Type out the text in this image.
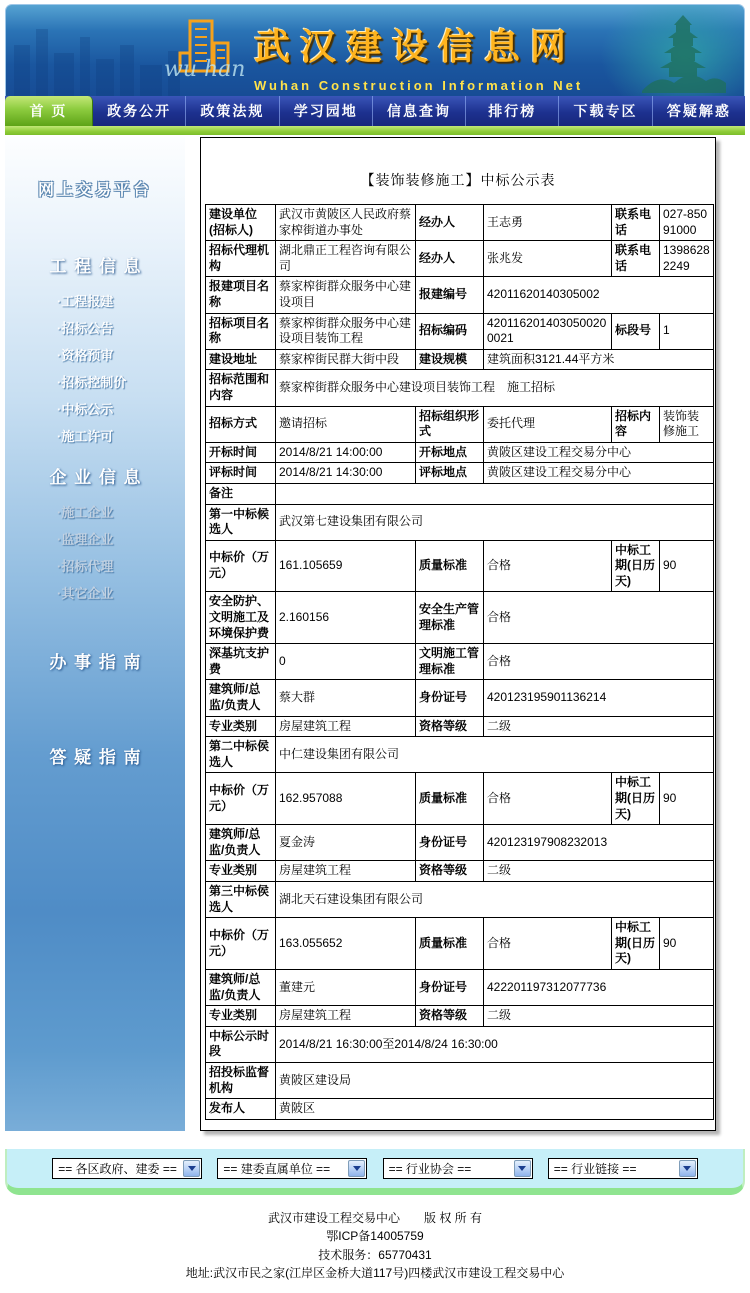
武汉建设信息网
Wuhan Construction Information Net
wu han
首 页	政务公开	政策法规	学习园地	信息查询	排行榜	下载专区	答疑解惑
网上交易平台
工程信息
·工程报建
·招标公告
·资格预审
·招标控制价
·中标公示
·施工许可
企业信息
·施工企业
·监理企业
·招标代理
·其它企业
办事指南
答疑指南
【装饰装修施工】中标公示表
建设单位(招标人)	武汉市黄陂区人民政府蔡家榨街道办事处	经办人	王志勇	联系电话	027-85091000
招标代理机构	湖北鼎正工程咨询有限公司	经办人	张兆发	联系电话	13986282249
报建项目名称	蔡家榨街群众服务中心建设项目	报建编号	42011620140305002		
招标项目名称	蔡家榨街群众服务中心建设项目装饰工程	招标编码	4201162014030500200021	标段号	1
建设地址	蔡家榨街民群大街中段	建设规模	建筑面积3121.44平方米		
招标范围和内容	蔡家榨街群众服务中心建设项目装饰工程　施工招标				
招标方式	邀请招标	招标组织形式	委托代理	招标内容	装饰装修施工
开标时间	2014/8/21 14:00:00	开标地点	黄陂区建设工程交易分中心		
评标时间	2014/8/21 14:30:00	评标地点	黄陂区建设工程交易分中心		
备注					
第一中标候选人	武汉第七建设集团有限公司				
中标价（万元）	161.105659	质量标准	合格	中标工期(日历天)	90
安全防护、文明施工及环境保护费	2.160156	安全生产管理标准	合格		
深基坑支护费	0	文明施工管理标准	合格		
建筑师/总监/负责人	蔡大群	身份证号	420123195901136214		
专业类别	房屋建筑工程	资格等级	二级		
第二中标侯选人	中仁建设集团有限公司				
中标价（万元）	162.957088	质量标准	合格	中标工期(日历天)	90
建筑师/总监/负责人	夏金涛	身份证号	420123197908232013		
专业类别	房屋建筑工程	资格等级	二级		
第三中标侯选人	湖北天石建设集团有限公司				
中标价（万元）	163.055652	质量标准	合格	中标工期(日历天)	90
建筑师/总监/负责人	董建元	身份证号	422201197312077736		
专业类别	房屋建筑工程	资格等级	二级		
中标公示时段	2014/8/21 16:30:00至2014/8/24 16:30:00				
招投标监督机构	黄陂区建设局				
发布人	黄陂区				
== 各区政府、建委 ==	== 建委直属单位 ==	== 行业协会 ==	== 行业链接 ==
武汉市建设工程交易中心　　版 权 所 有
鄂ICP备14005759
技术服务：65770431
地址:武汉市民之家(江岸区金桥大道117号)四楼武汉市建设工程交易中心
